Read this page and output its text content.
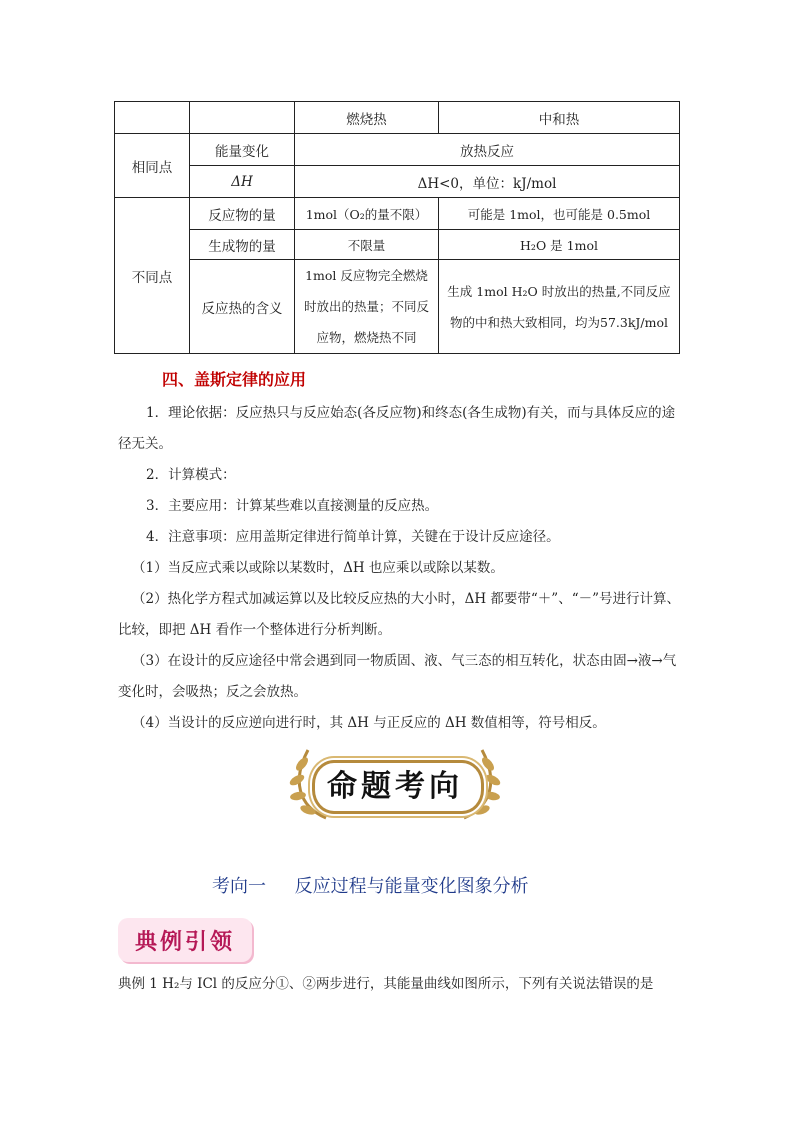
		燃烧热	中和热
相同点	能量变化	放热反应	
	ΔH	ΔH<0，单位：kJ/mol	
不同点	反应物的量	1mol（O₂的量不限）	可能是 1mol，也可能是 0.5mol
	生成物的量	不限量	H₂O 是 1mol
	反应热的含义	1mol 反应物完全燃烧时放出的热量；不同反应物，燃烧热不同	生成 1mol H₂O 时放出的热量,不同反应物的中和热大致相同，均为57.3kJ/mol
四、盖斯定律的应用
1．理论依据：反应热只与反应始态(各反应物)和终态(各生成物)有关，而与具体反应的途径无关。
2．计算模式：
3．主要应用：计算某些难以直接测量的反应热。
4．注意事项：应用盖斯定律进行简单计算，关键在于设计反应途径。
（1）当反应式乘以或除以某数时，ΔH 也应乘以或除以某数。
（2）热化学方程式加减运算以及比较反应热的大小时，ΔH 都要带“＋”、“－”号进行计算、比较，即把 ΔH 看作一个整体进行分析判断。
（3）在设计的反应途径中常会遇到同一物质固、液、气三态的相互转化，状态由固→液→气变化时，会吸热；反之会放热。
（4）当设计的反应逆向进行时，其 ΔH 与正反应的 ΔH 数值相等，符号相反。
命题考向
考向一     反应过程与能量变化图象分析
典例引领
典例 1 H₂与 ICl 的反应分①、②两步进行，其能量曲线如图所示，下列有关说法错误的是
